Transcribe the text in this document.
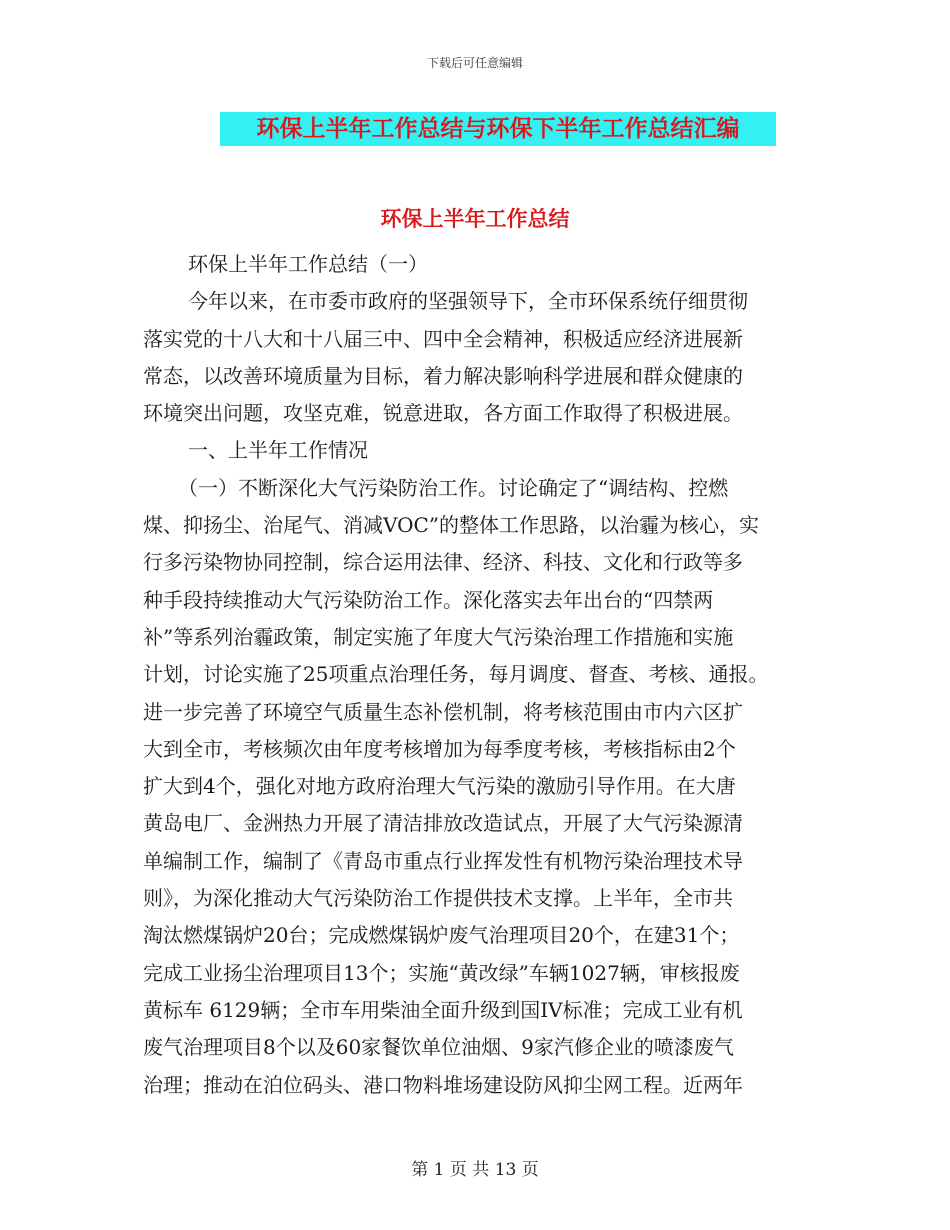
下载后可任意编辑
环保上半年工作总结与环保下半年工作总结汇编
环保上半年工作总结
环保上半年工作总结（一）
今年以来，在市委市政府的坚强领导下，全市环保系统仔细贯彻
落实党的十八大和十八届三中、四中全会精神，积极适应经济进展新
常态，以改善环境质量为目标，着力解决影响科学进展和群众健康的
环境突出问题，攻坚克难，锐意进取，各方面工作取得了积极进展。
一、上半年工作情况
（一）不断深化大气污染防治工作。讨论确定了“调结构、控燃
煤、抑扬尘、治尾气、消减VOC”的整体工作思路，以治霾为核心，实
行多污染物协同控制，综合运用法律、经济、科技、文化和行政等多
种手段持续推动大气污染防治工作。深化落实去年出台的“四禁两
补”等系列治霾政策，制定实施了年度大气污染治理工作措施和实施
计划，讨论实施了25项重点治理任务，每月调度、督查、考核、通报。
进一步完善了环境空气质量生态补偿机制，将考核范围由市内六区扩
大到全市，考核频次由年度考核增加为每季度考核，考核指标由2个
扩大到4个，强化对地方政府治理大气污染的激励引导作用。在大唐
黄岛电厂、金洲热力开展了清洁排放改造试点，开展了大气污染源清
单编制工作，编制了《青岛市重点行业挥发性有机物污染治理技术导
则》，为深化推动大气污染防治工作提供技术支撑。上半年，全市共
淘汰燃煤锅炉20台；完成燃煤锅炉废气治理项目20个，在建31个；
完成工业扬尘治理项目13个；实施“黄改绿”车辆1027辆，审核报废
黄标车 6129辆；全市车用柴油全面升级到国IV标准；完成工业有机
废气治理项目8个以及60家餐饮单位油烟、9家汽修企业的喷漆废气
治理；推动在泊位码头、港口物料堆场建设防风抑尘网工程。近两年
第 1 页 共 13 页
